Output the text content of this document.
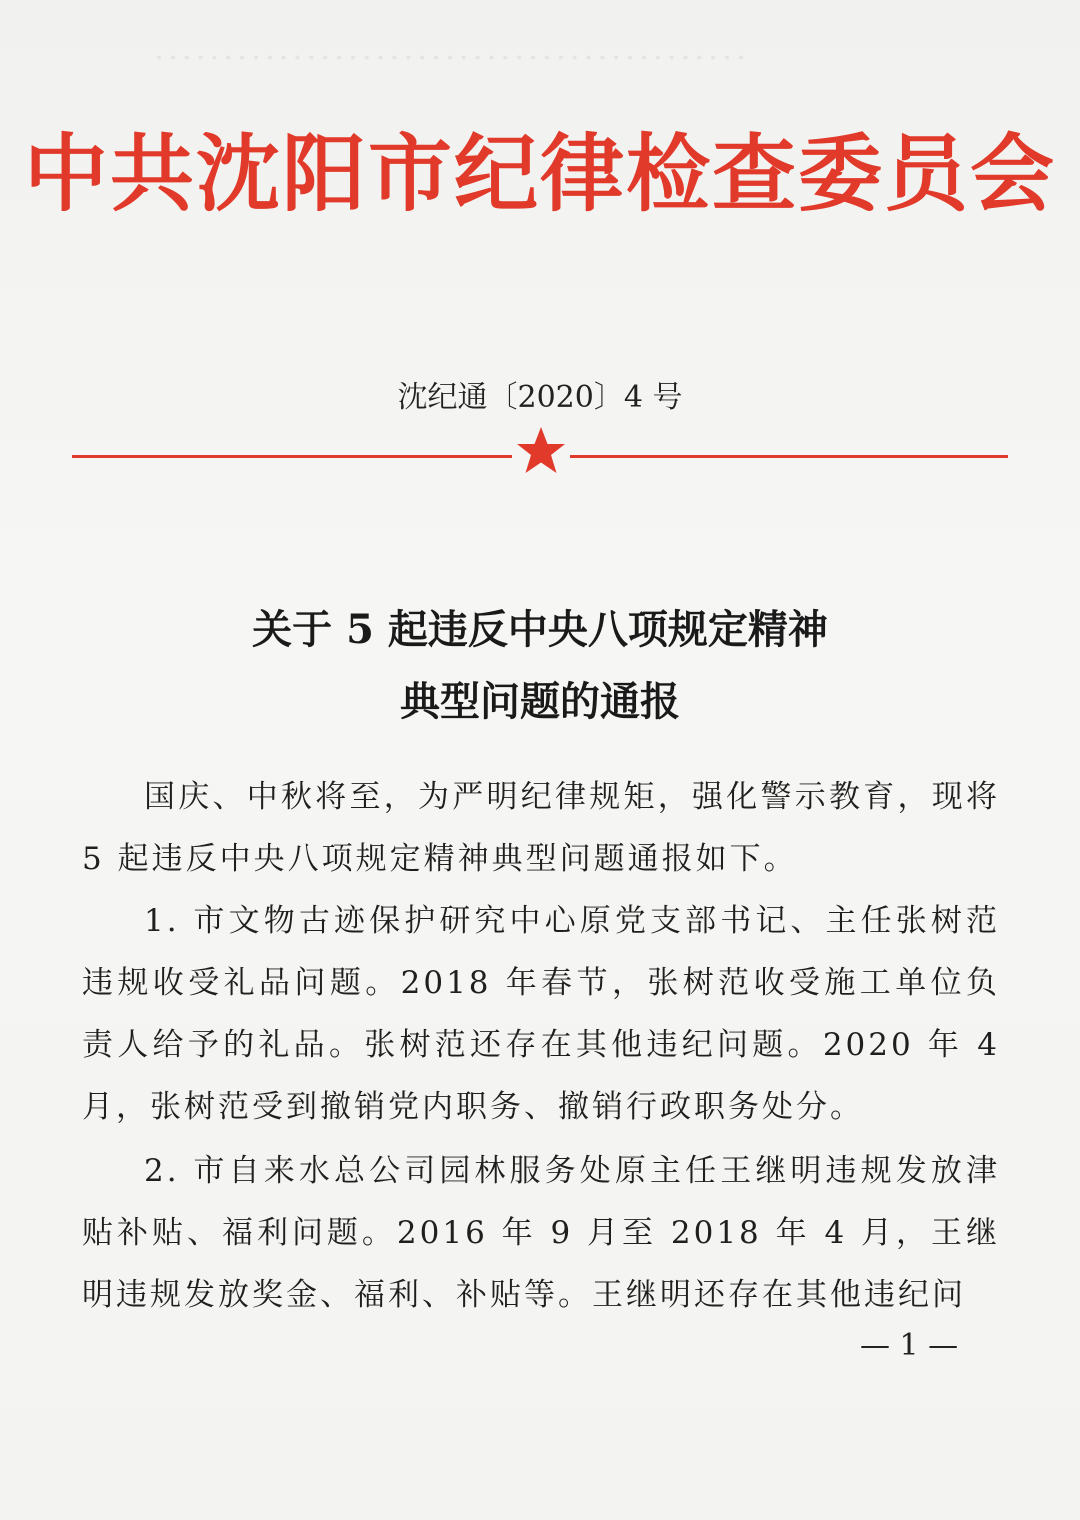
···········································
中共沈阳市纪律检查委员会
沈纪通〔2020〕4 号
关于 5 起违反中央八项规定精神
典型问题的通报
国庆、中秋将至，为严明纪律规矩，强化警示教育，现将 5 起违反中央八项规定精神典型问题通报如下。
1. 市文物古迹保护研究中心原党支部书记、主任张树范违规收受礼品问题。2018 年春节，张树范收受施工单位负责人给予的礼品。张树范还存在其他违纪问题。2020 年 4 月，张树范受到撤销党内职务、撤销行政职务处分。
2. 市自来水总公司园林服务处原主任王继明违规发放津贴补贴、福利问题。2016 年 9 月至 2018 年 4 月，王继明违规发放奖金、福利、补贴等。王继明还存在其他违纪问
— 1 —
